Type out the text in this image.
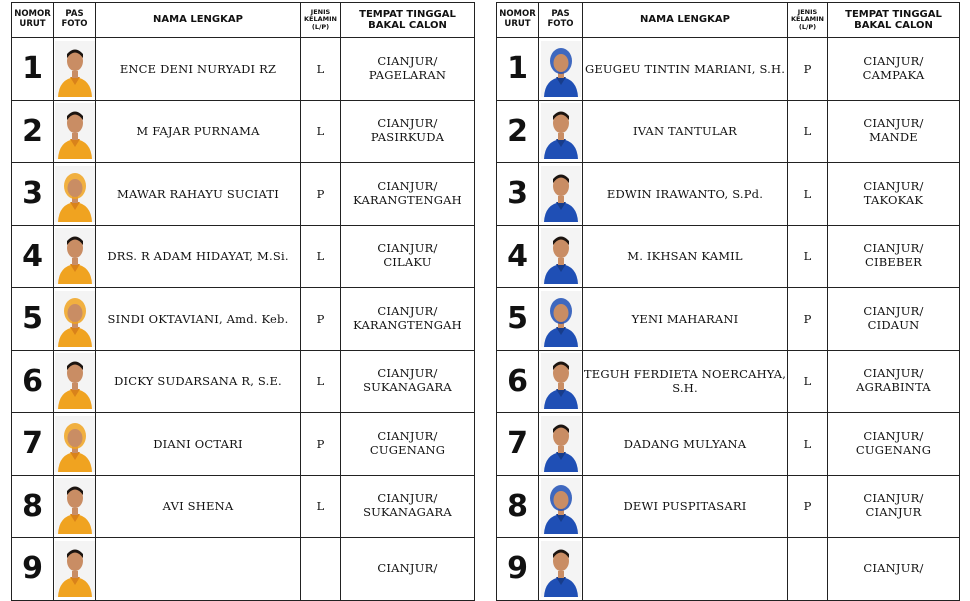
NOMOR URUT	PAS FOTO	NAMA LENGKAP	JENIS KELAMIN (L/P)	TEMPAT TINGGAL BAKAL CALON
1		ENCE DENI NURYADI RZ	L	CIANJUR/
PAGELARAN

2		M FAJAR PURNAMA	L	CIANJUR/
PASIRKUDA

3		MAWAR RAHAYU SUCIATI	P	CIANJUR/
KARANGTENGAH

4		DRS. R ADAM HIDAYAT, M.Si.	L	CIANJUR/
CILAKU

5		SINDI OKTAVIANI, Amd. Keb.	P	CIANJUR/
KARANGTENGAH

6		DICKY SUDARSANA R, S.E.	L	CIANJUR/
SUKANAGARA

7		DIANI OCTARI	P	CIANJUR/
CUGENANG

8		AVI SHENA	L	CIANJUR/
SUKANAGARA

9				CIANJUR/
NOMOR URUT	PAS FOTO	NAMA LENGKAP	JENIS KELAMIN (L/P)	TEMPAT TINGGAL BAKAL CALON
1		GEUGEU TINTIN MARIANI, S.H.	P	CIANJUR/
CAMPAKA

2		IVAN TANTULAR	L	CIANJUR/
MANDE

3		EDWIN IRAWANTO, S.Pd.	L	CIANJUR/
TAKOKAK

4		M. IKHSAN KAMIL	L	CIANJUR/
CIBEBER

5		YENI MAHARANI	P	CIANJUR/
CIDAUN

6		TEGUH FERDIETA NOERCAHYA, S.H.	L	CIANJUR/
AGRABINTA

7		DADANG MULYANA	L	CIANJUR/
CUGENANG

8		DEWI PUSPITASARI	P	CIANJUR/
CIANJUR

9				CIANJUR/
